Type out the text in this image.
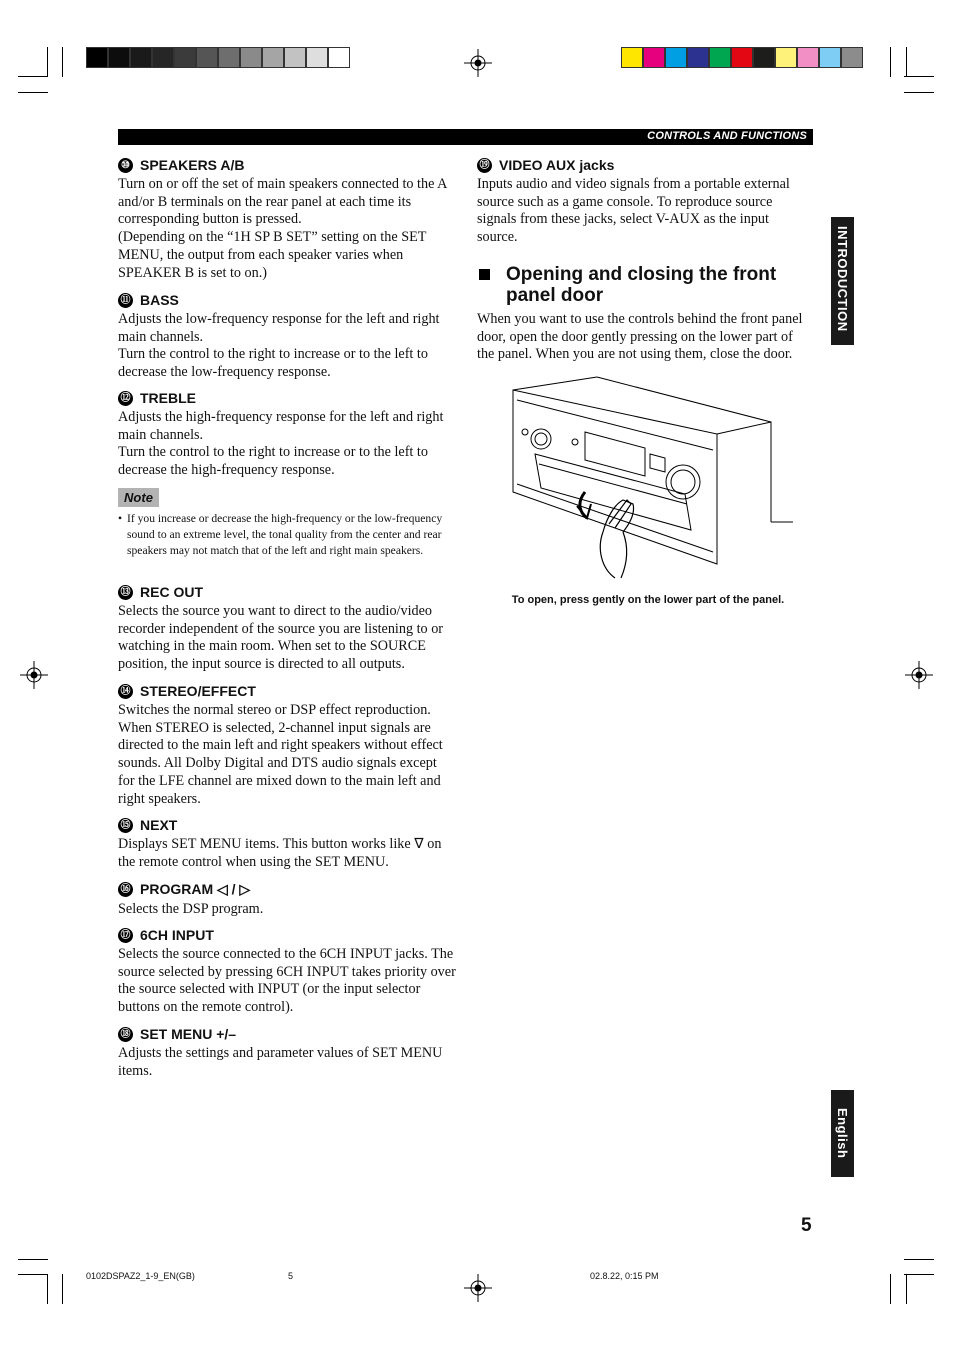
CONTROLS AND FUNCTIONS
INTRODUCTION
English
⑩ SPEAKERS A/B

Turn on or off the set of main speakers connected to the A and/or B terminals on the rear panel at each time its corresponding button is pressed.

(Depending on the “1H SP B SET” setting on the SET MENU, the output from each speaker varies when SPEAKER B is set to on.)

⑪ BASS

Adjusts the low-frequency response for the left and right main channels.

Turn the control to the right to increase or to the left to decrease the low-frequency response.

⑫ TREBLE

Adjusts the high-frequency response for the left and right main channels.

Turn the control to the right to increase or to the left to decrease the high-frequency response.

Note
• If you increase or decrease the high-frequency or the low-frequency sound to an extreme level, the tonal quality from the center and rear speakers may not match that of the left and right main speakers.
⑬ REC OUT

Selects the source you want to direct to the audio/video recorder independent of the source you are listening to or watching in the main room. When set to the SOURCE position, the input source is directed to all outputs.

⑭ STEREO/EFFECT

Switches the normal stereo or DSP effect reproduction. When STEREO is selected, 2-channel input signals are directed to the main left and right speakers without effect sounds. All Dolby Digital and DTS audio signals except for the LFE channel are mixed down to the main left and right speakers.

⑮ NEXT

Displays SET MENU items. This button works like ∇ on the remote control when using the SET MENU.

⑯ PROGRAM ◁ / ▷

Selects the DSP program.

⑰ 6CH INPUT

Selects the source connected to the 6CH INPUT jacks. The source selected by pressing 6CH INPUT takes priority over the source selected with INPUT (or the input selector buttons on the remote control).

⑱ SET MENU +/–

Adjusts the settings and parameter values of SET MENU items.

⑲ VIDEO AUX jacks

Inputs audio and video signals from a portable external source such as a game console. To reproduce source signals from these jacks, select V-AUX as the input source.

Opening and closing the front panel door

When you want to use the controls behind the front panel door, open the door gently pressing on the lower part of the panel. When you are not using them, close the door.

To open, press gently on the lower part of the panel.
5
0102DSPAZ2_1-9_EN(GB)	5	02.8.22, 0:15 PM
